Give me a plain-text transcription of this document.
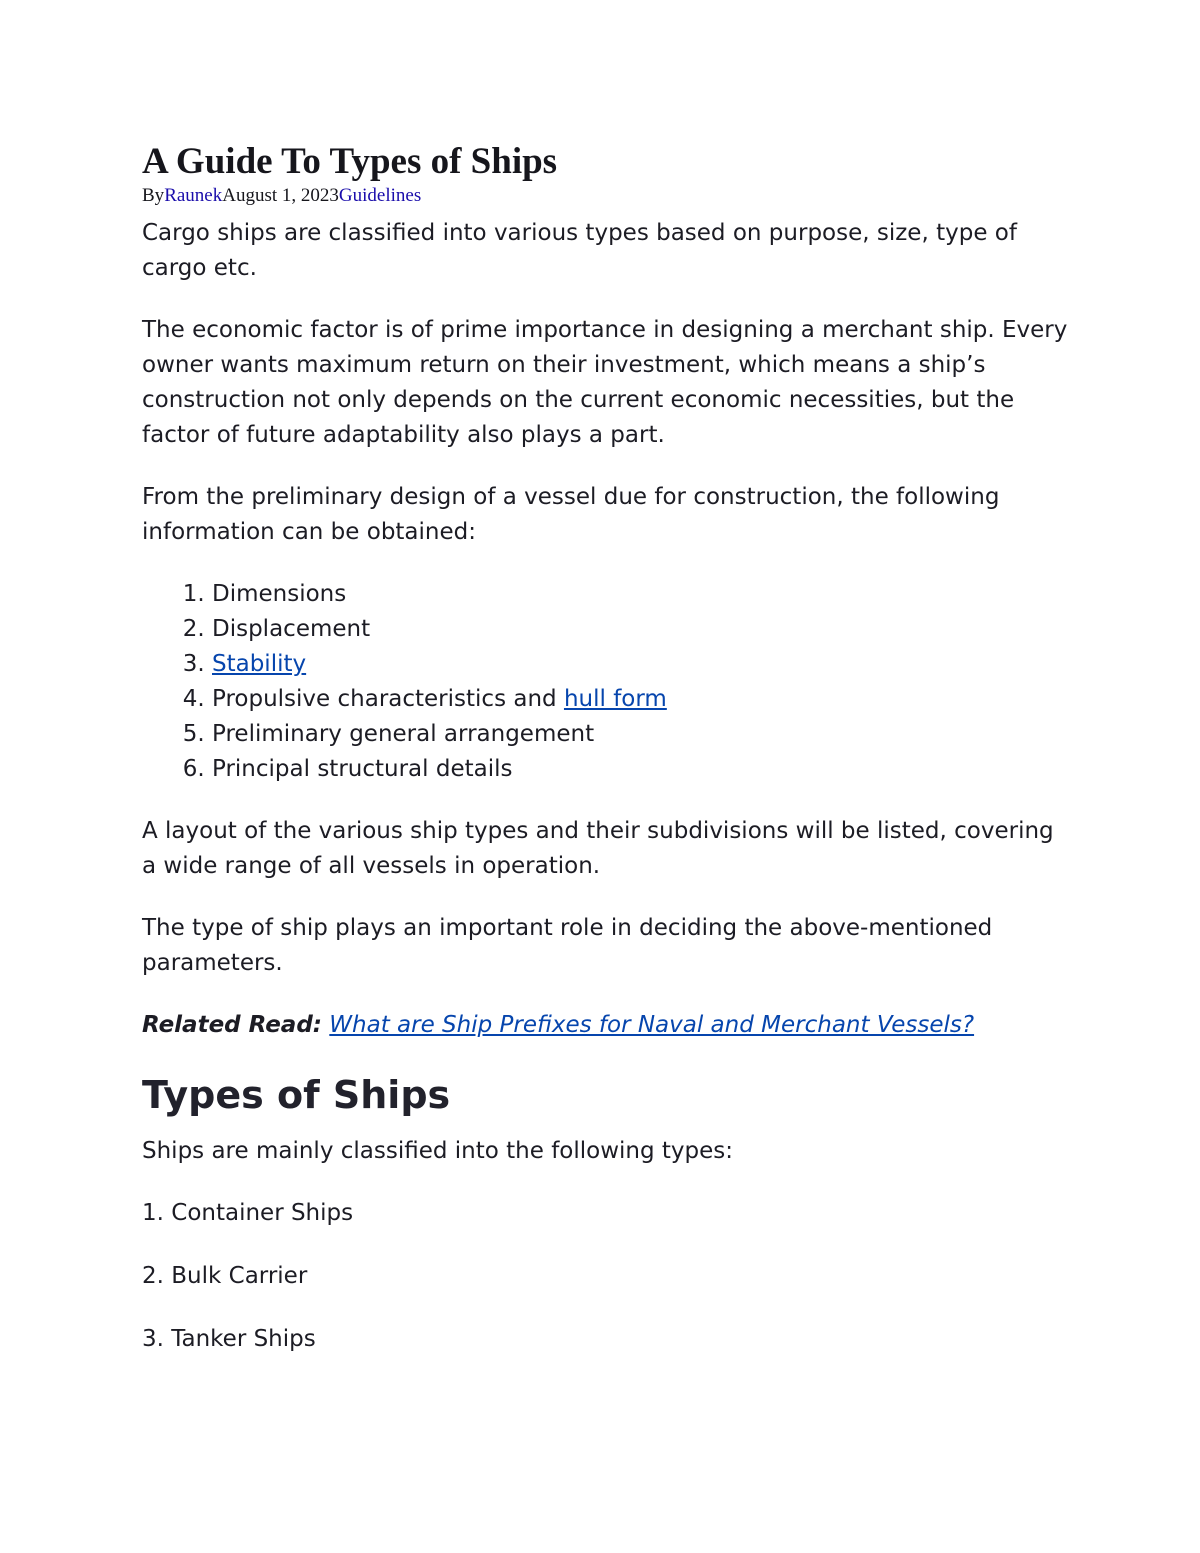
A Guide To Types of Ships
ByRaunekAugust 1, 2023Guidelines

Cargo ships are classified into various types based on purpose, size, type of cargo etc.

The economic factor is of prime importance in designing a merchant ship. Every owner wants maximum return on their investment, which means a ship’s construction not only depends on the current economic necessities, but the factor of future adaptability also plays a part.

From the preliminary design of a vessel due for construction, the following information can be obtained:

1. Dimensions
2. Displacement
3. Stability
4. Propulsive characteristics and hull form
5. Preliminary general arrangement
6. Principal structural details

A layout of the various ship types and their subdivisions will be listed, covering a wide range of all vessels in operation.

The type of ship plays an important role in deciding the above-mentioned parameters.

Related Read: What are Ship Prefixes for Naval and Merchant Vessels?

Types of Ships

Ships are mainly classified into the following types:

1. Container Ships
2. Bulk Carrier
3. Tanker Ships
